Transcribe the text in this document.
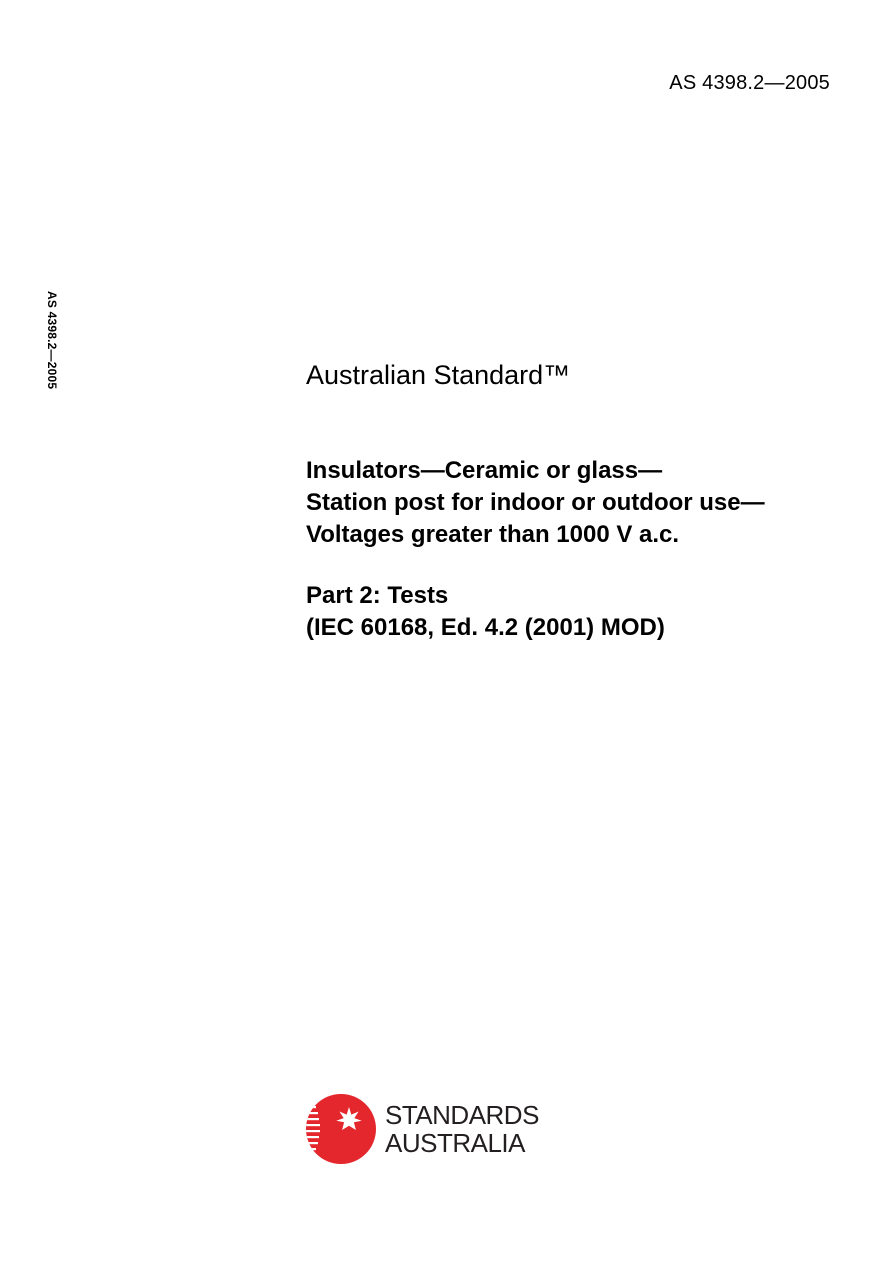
AS 4398.2—2005
AS 4398.2—2005	Australian Standard™
Insulators—Ceramic or glass—
Station post for indoor or outdoor use—
Voltages greater than 1000 V a.c.
Part 2: Tests
(IEC 60168, Ed. 4.2 (2001) MOD)
STANDARDS
AUSTRALIA
